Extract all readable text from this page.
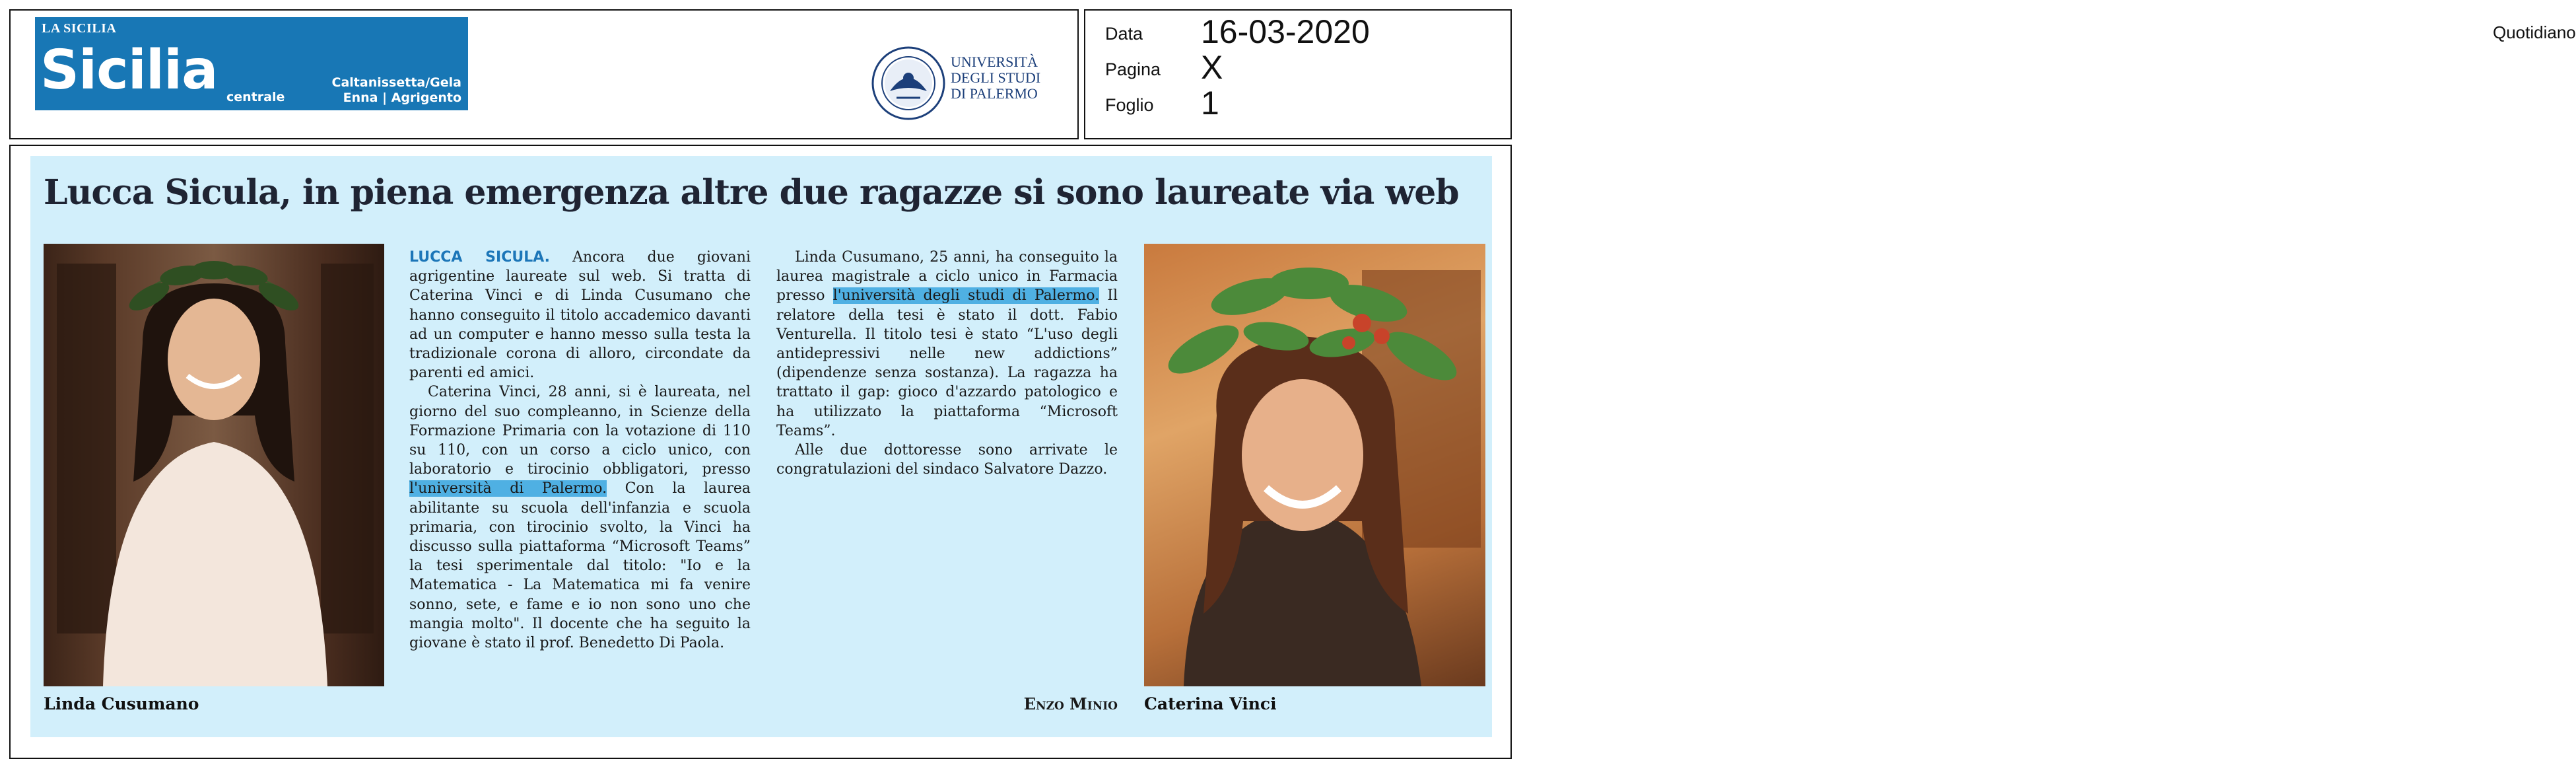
LA SICILIA
Sicilia centrale
Caltanissetta/Gela
Enna | Agrigento
Quotidiano
UNIVERSITÀ
DEGLI STUDI
DI PALERMO
Data 16-03-2020
Pagina X
Foglio 1
Lucca Sicula, in piena emergenza altre due ragazze si sono laureate via web
Linda Cusumano

LUCCA SICULA. Ancora due giovani agrigentine laureate sul web. Si tratta di Caterina Vinci e di Linda Cusumano che hanno conseguito il titolo accademico davanti ad un computer e hanno messo sulla testa la tradizionale corona di alloro, circondate da parenti ed amici.

Caterina Vinci, 28 anni, si è laureata, nel giorno del suo compleanno, in Scienze della Formazione Primaria con la votazione di 110 su 110, con un corso a ciclo unico, con laboratorio e tirocinio obbligatori, presso l'università di Palermo. Con la laurea abilitante su scuola dell'infanzia e scuola primaria, con tirocinio svolto, la Vinci ha discusso sulla piattaforma “Microsoft Teams” la tesi sperimentale dal titolo: "Io e la Matematica - La Matematica mi fa venire sonno, sete, e fame e io non sono uno che mangia molto". Il docente che ha seguito la giovane è stato il prof. Benedetto Di Paola.

Linda Cusumano, 25 anni, ha conseguito la laurea magistrale a ciclo unico in Farmacia presso l'università degli studi di Palermo. Il relatore della tesi è stato il dott. Fabio Venturella. Il titolo tesi è stato “L'uso degli antidepressivi nelle new addictions” (dipendenze senza sostanza). La ragazza ha trattato il gap: gioco d'azzardo patologico e ha utilizzato la piattaforma “Microsoft Teams”.

Alle due dottoresse sono arrivate le congratulazioni del sindaco Salvatore Dazzo.

Enzo Minio Caterina Vinci
